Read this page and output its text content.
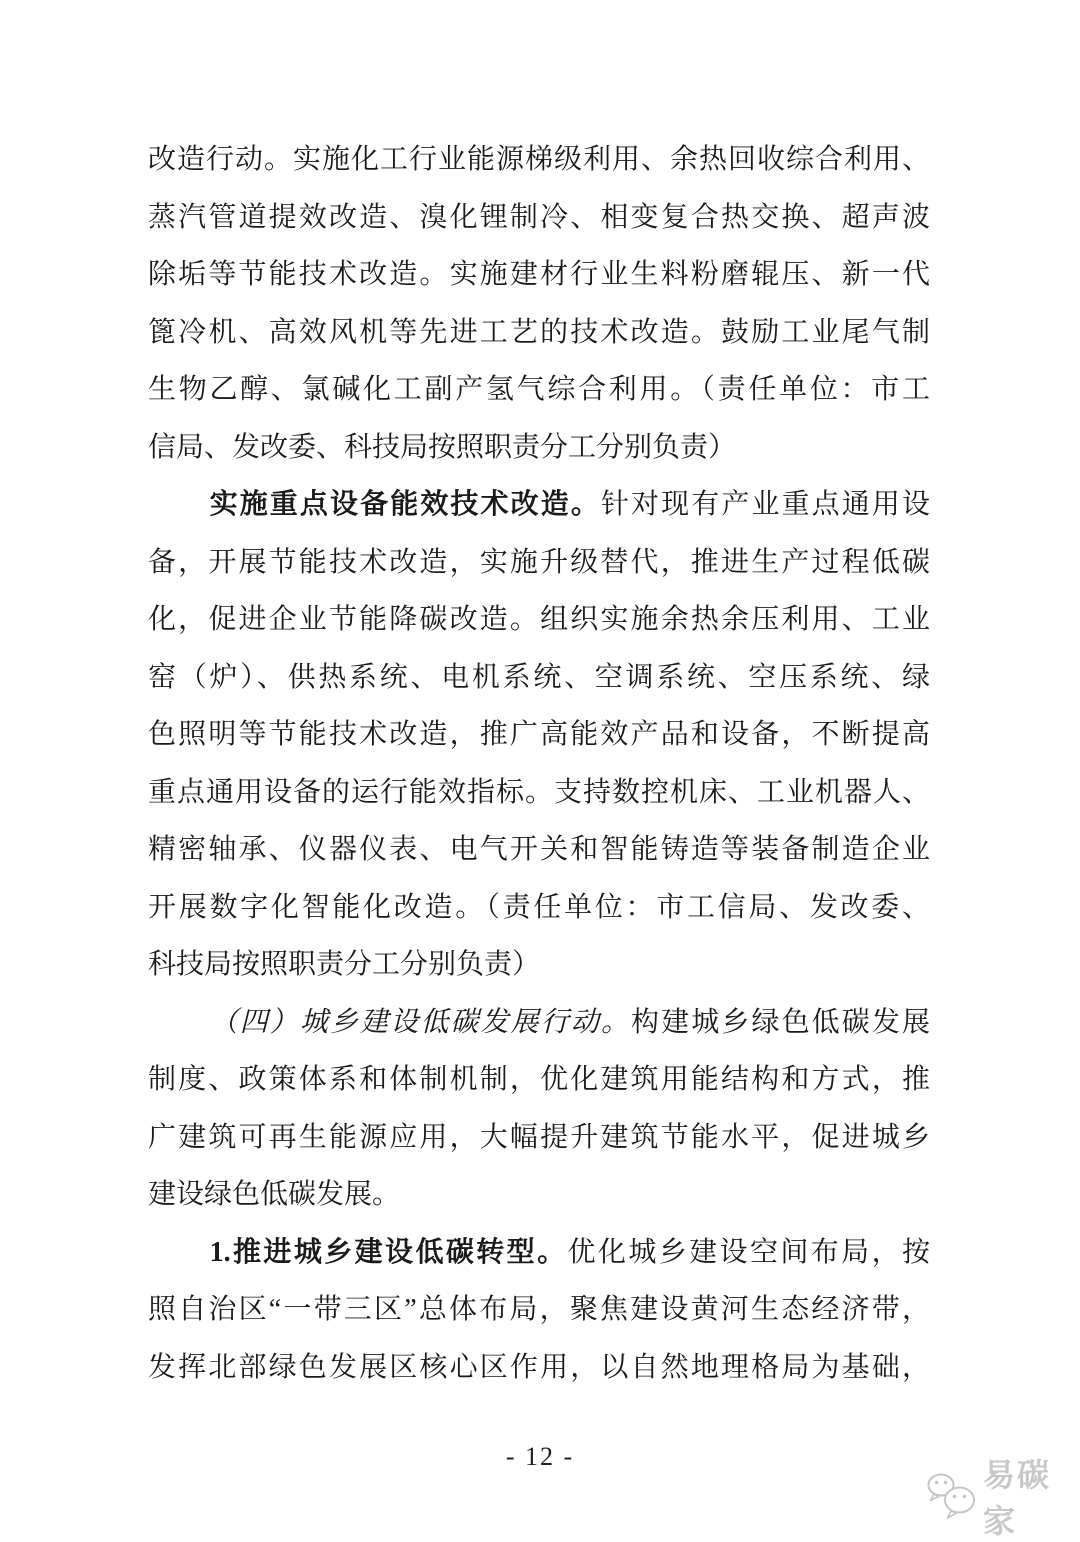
改造行动。实施化工行业能源梯级利用、余热回收综合利用、
蒸汽管道提效改造、溴化锂制冷、相变复合热交换、超声波
除垢等节能技术改造。实施建材行业生料粉磨辊压、新一代
篦冷机、高效风机等先进工艺的技术改造。鼓励工业尾气制
生物乙醇、氯碱化工副产氢气综合利用。（责任单位：市工
信局、发改委、科技局按照职责分工分别负责）
实施重点设备能效技术改造。针对现有产业重点通用设
备，开展节能技术改造，实施升级替代，推进生产过程低碳
化，促进企业节能降碳改造。组织实施余热余压利用、工业
窑（炉）、供热系统、电机系统、空调系统、空压系统、绿
色照明等节能技术改造，推广高能效产品和设备，不断提高
重点通用设备的运行能效指标。支持数控机床、工业机器人、
精密轴承、仪器仪表、电气开关和智能铸造等装备制造企业
开展数字化智能化改造。（责任单位：市工信局、发改委、
科技局按照职责分工分别负责）
（四）城乡建设低碳发展行动。构建城乡绿色低碳发展
制度、政策体系和体制机制，优化建筑用能结构和方式，推
广建筑可再生能源应用，大幅提升建筑节能水平，促进城乡
建设绿色低碳发展。
1.推进城乡建设低碳转型。优化城乡建设空间布局，按
照自治区“一带三区”总体布局，聚焦建设黄河生态经济带，
发挥北部绿色发展区核心区作用，以自然地理格局为基础，
- 12 -
易碳家
